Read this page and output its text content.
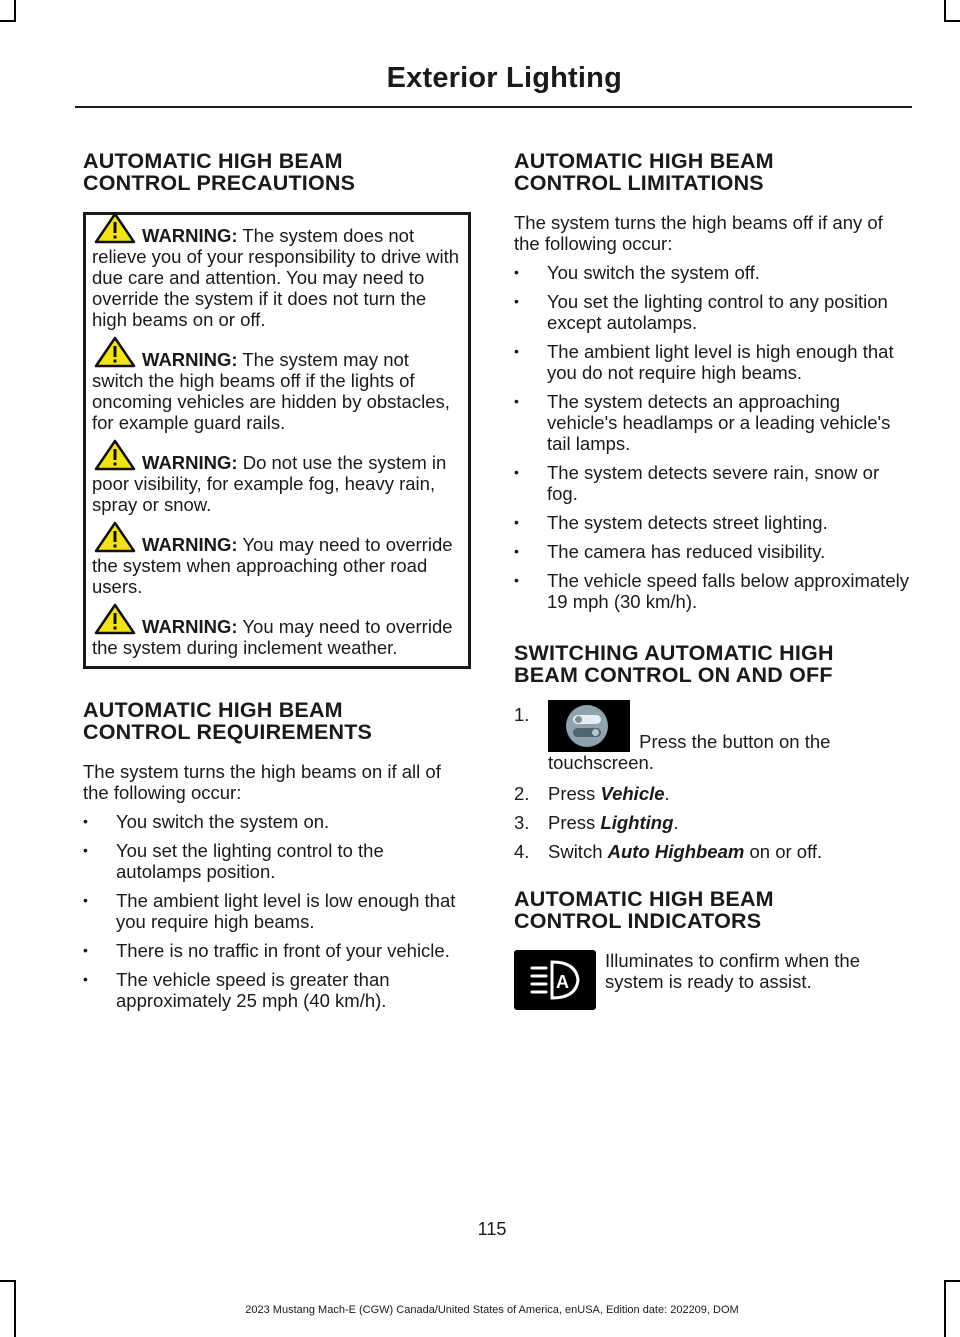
Exterior Lighting
AUTOMATIC HIGH BEAM
CONTROL PRECAUTIONS

WARNING: The system does not relieve you of your responsibility to drive with due care and attention. You may need to override the system if it does not turn the high beams on or off.

WARNING: The system may not switch the high beams off if the lights of oncoming vehicles are hidden by obstacles, for example guard rails.

WARNING: Do not use the system in poor visibility, for example fog, heavy rain, spray or snow.

WARNING: You may need to override the system when approaching other road users.

WARNING: You may need to override the system during inclement weather.

AUTOMATIC HIGH BEAM
CONTROL REQUIREMENTS

The system turns the high beams on if all of the following occur:

• You switch the system on.
• You set the lighting control to the autolamps position.
• The ambient light level is low enough that you require high beams.
• There is no traffic in front of your vehicle.
• The vehicle speed is greater than approximately 25 mph (40 km/h).
AUTOMATIC HIGH BEAM
CONTROL LIMITATIONS

The system turns the high beams off if any of the following occur:

• You switch the system off.
• You set the lighting control to any position except autolamps.
• The ambient light level is high enough that you do not require high beams.
• The system detects an approaching vehicle's headlamps or a leading vehicle's tail lamps.
• The system detects severe rain, snow or fog.
• The system detects street lighting.
• The camera has reduced visibility.
• The vehicle speed falls below approximately 19 mph (30 km/h).
SWITCHING AUTOMATIC HIGH
BEAM CONTROL ON AND OFF
1.
Press the button on the touchscreen.
2. Press Vehicle.
3. Press Lighting.
4. Switch Auto Highbeam on or off.
AUTOMATIC HIGH BEAM
CONTROL INDICATORS
A

Illuminates to confirm when the system is ready to assist.

115
2023 Mustang Mach-E (CGW) Canada/United States of America, enUSA, Edition date: 202209, DOM
